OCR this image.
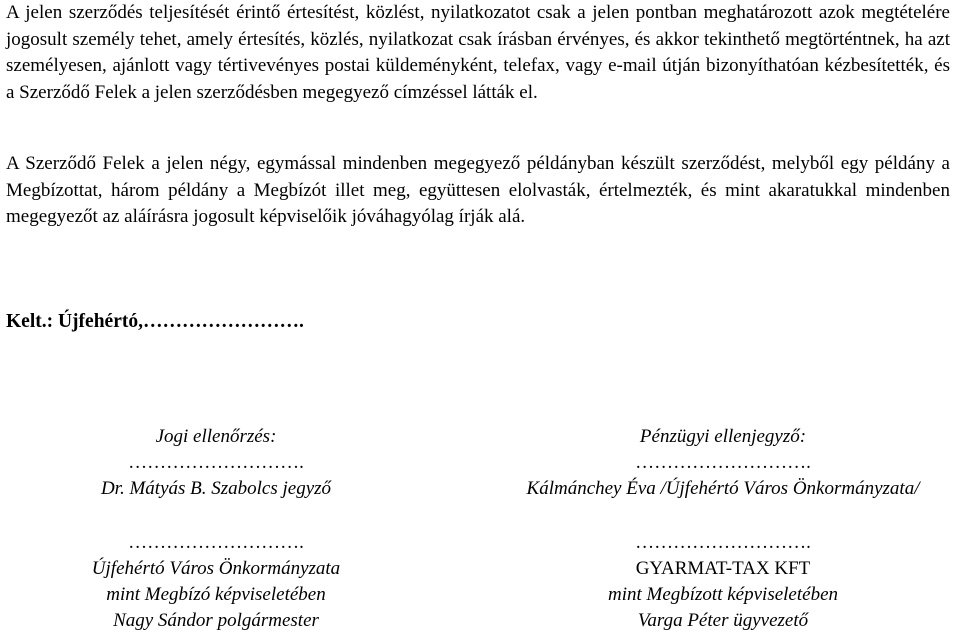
A jelen szerződés teljesítését érintő értesítést, közlést, nyilatkozatot csak a jelen pontban meghatározott azok megtételére jogosult személy tehet, amely értesítés, közlés, nyilatkozat csak írásban érvényes, és akkor tekinthető megtörténtnek, ha azt személyesen, ajánlott vagy tértivevényes postai küldeményként, telefax, vagy e-mail útján bizonyíthatóan kézbesítették, és a Szerződő Felek a jelen szerződésben megegyező címzéssel látták el.

A Szerződő Felek a jelen négy, egymással mindenben megegyező példányban készült szerződést, melyből egy példány a Megbízottat, három példány a Megbízót illet meg, együttesen elolvasták, értelmezték, és mint akaratukkal mindenben megegyezőt az aláírásra jogosult képviselőik jóváhagyólag írják alá.

Kelt.: Újfehértó,…………………….
Jogi ellenőrzés:
……………………….
Dr. Mátyás B. Szabolcs jegyző
Pénzügyi ellenjegyző:
……………………….
Kálmánchey Éva /Újfehértó Város Önkormányzata/
……………………….
Újfehértó Város Önkormányzata
mint Megbízó képviseletében
Nagy Sándor polgármester
……………………….
GYARMAT-TAX KFT
mint Megbízott képviseletében
Varga Péter ügyvezető
